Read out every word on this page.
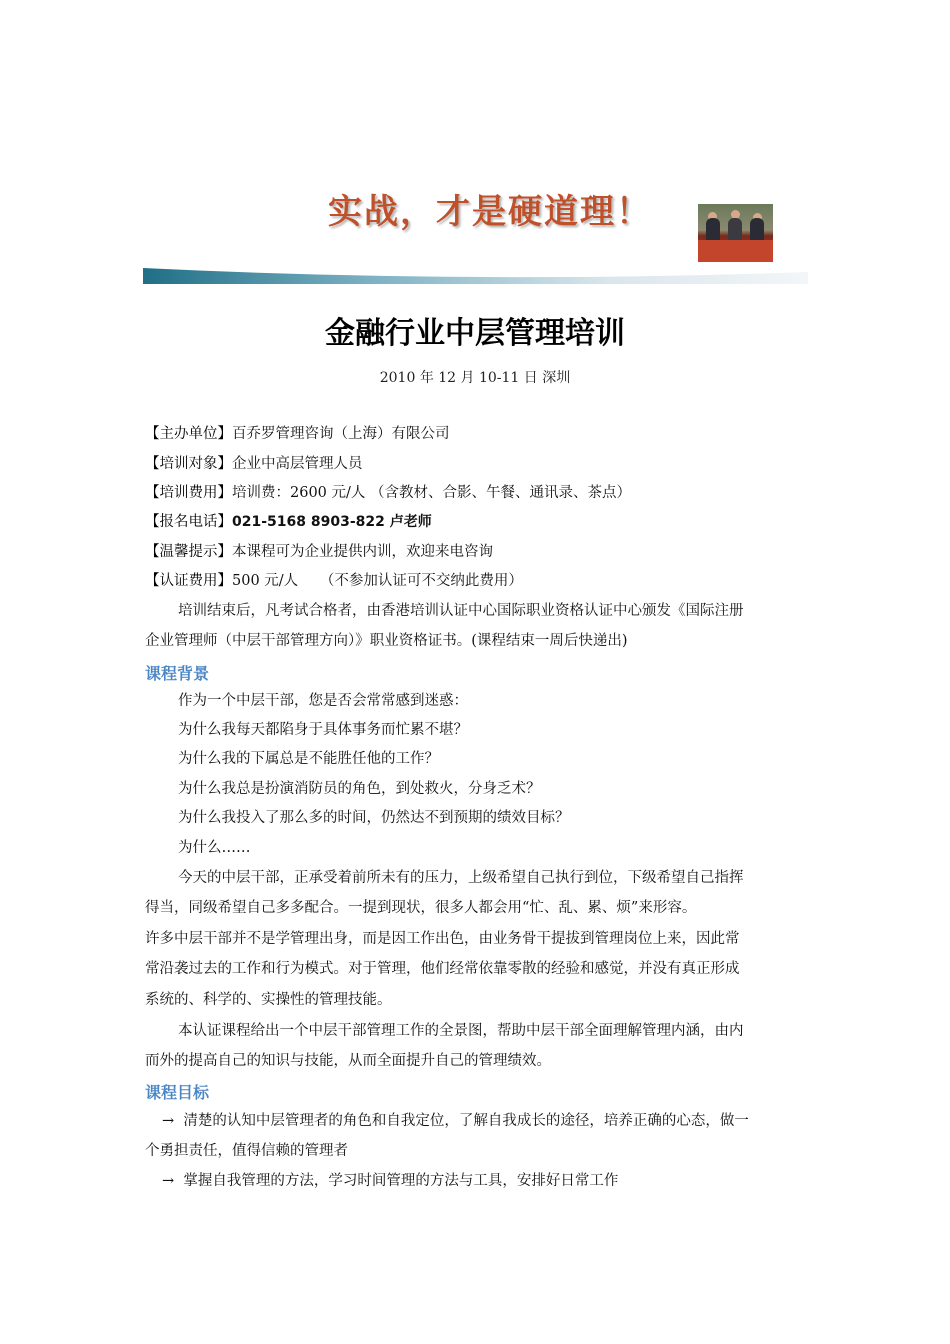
实战，才是硬道理！
金融行业中层管理培训
2010 年 12 月 10-11 日 深圳
【主办单位】百乔罗管理咨询（上海）有限公司
【培训对象】企业中高层管理人员
【培训费用】培训费：2600 元/人 （含教材、合影、午餐、通讯录、茶点）
【报名电话】021-5168 8903-822 卢老师
【温馨提示】本课程可为企业提供内训，欢迎来电咨询
【认证费用】500 元/人　　（不参加认证可不交纳此费用）
培训结束后，凡考试合格者，由香港培训认证中心国际职业资格认证中心颁发《国际注册
企业管理师（中层干部管理方向）》职业资格证书。(课程结束一周后快递出)
课程背景
作为一个中层干部，您是否会常常感到迷惑：
为什么我每天都陷身于具体事务而忙累不堪？
为什么我的下属总是不能胜任他的工作？
为什么我总是扮演消防员的角色，到处救火，分身乏术？
为什么我投入了那么多的时间，仍然达不到预期的绩效目标？
为什么……
今天的中层干部，正承受着前所未有的压力，上级希望自己执行到位，下级希望自己指挥
得当，同级希望自己多多配合。一提到现状，很多人都会用“忙、乱、累、烦”来形容。
许多中层干部并不是学管理出身，而是因工作出色，由业务骨干提拔到管理岗位上来，因此常
常沿袭过去的工作和行为模式。对于管理，他们经常依靠零散的经验和感觉，并没有真正形成
系统的、科学的、实操性的管理技能。
本认证课程给出一个中层干部管理工作的全景图，帮助中层干部全面理解管理内涵，由内
而外的提高自己的知识与技能，从而全面提升自己的管理绩效。
课程目标
→ 清楚的认知中层管理者的角色和自我定位，了解自我成长的途径，培养正确的心态，做一
个勇担责任，值得信赖的管理者
→ 掌握自我管理的方法，学习时间管理的方法与工具，安排好日常工作
